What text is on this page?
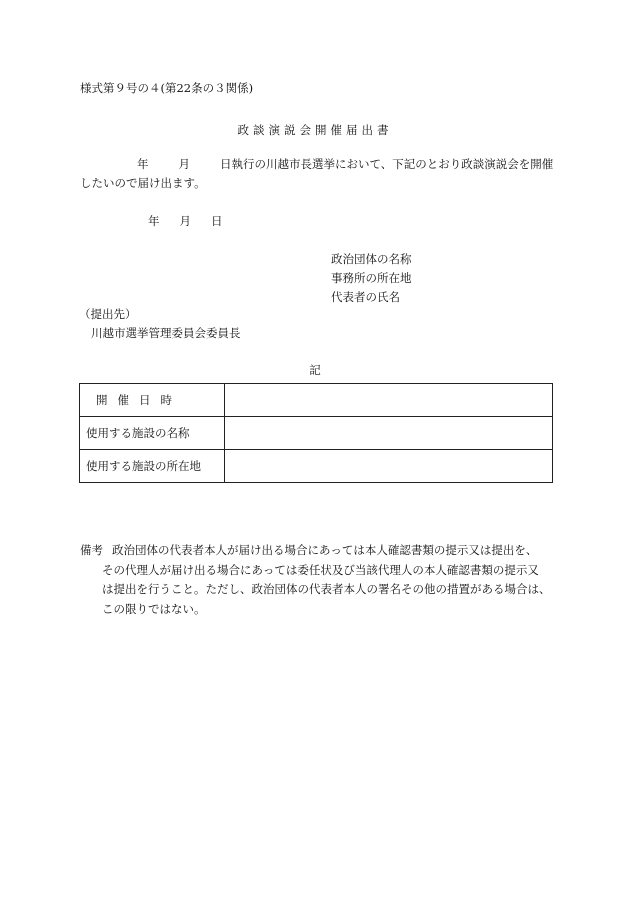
様式第９号の４(第22条の３関係)
政談演説会開催届出書
年	月	日執行の川越市長選挙において、下記のとおり政談演説会を開催
したいので届け出ます。
年 月 日
政治団体の名称
事務所の所在地
代表者の氏名
（提出先）
川越市選挙管理委員会委員長
記
開催日時	
使用する施設の名称	
使用する施設の所在地	
備考 政治団体の代表者本人が届け出る場合にあっては本人確認書類の提示又は提出を、
その代理人が届け出る場合にあっては委任状及び当該代理人の本人確認書類の提示又
は提出を行うこと。ただし、政治団体の代表者本人の署名その他の措置がある場合は、
この限りではない。
